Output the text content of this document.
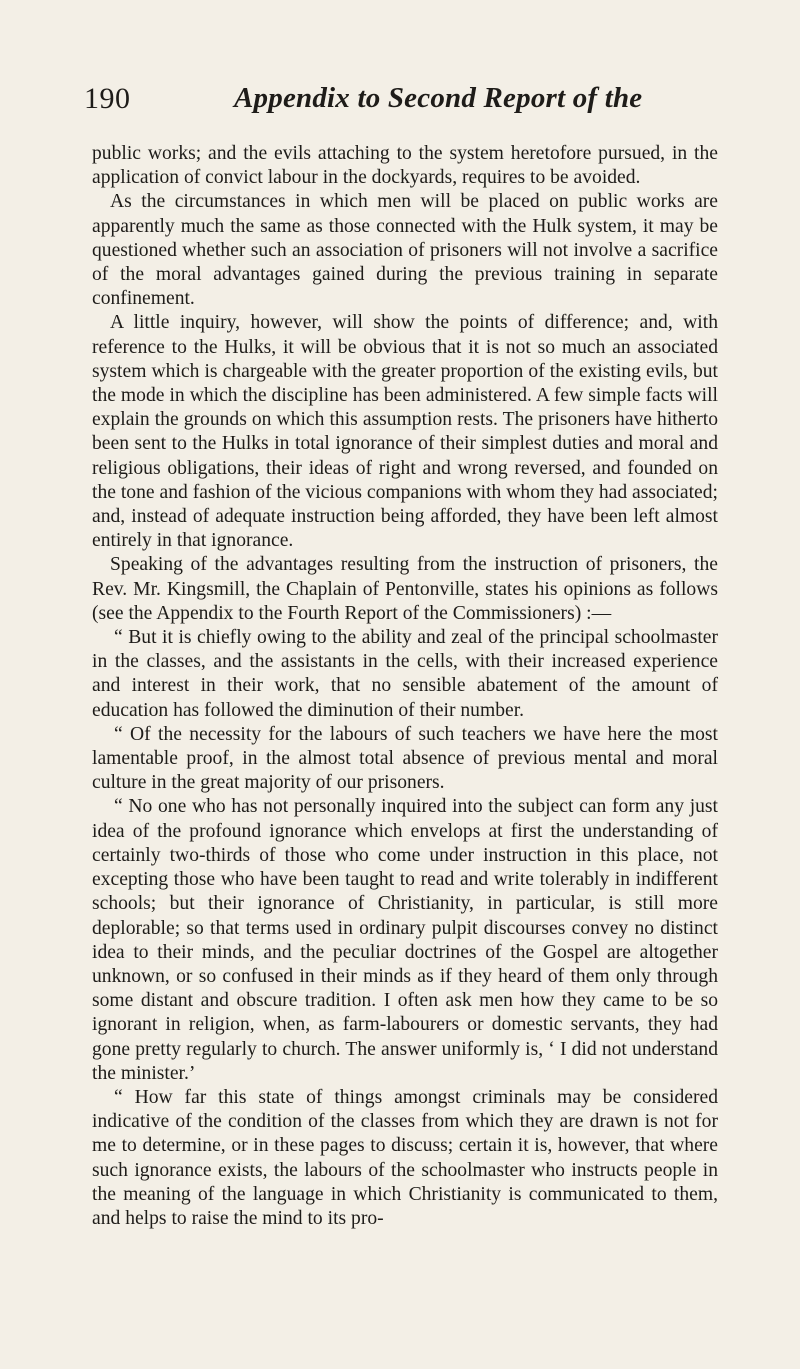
190	Appendix to Second Report of the

public works; and the evils attaching to the system heretofore pursued, in the application of convict labour in the dockyards, requires to be avoided.

As the circumstances in which men will be placed on public works are apparently much the same as those connected with the Hulk system, it may be questioned whether such an association of prisoners will not involve a sacrifice of the moral advantages gained during the previous training in separate confinement.

A little inquiry, however, will show the points of difference; and, with reference to the Hulks, it will be obvious that it is not so much an associated system which is chargeable with the greater proportion of the existing evils, but the mode in which the discipline has been administered. A few simple facts will explain the grounds on which this assumption rests. The prisoners have hitherto been sent to the Hulks in total ignorance of their simplest duties and moral and religious obligations, their ideas of right and wrong reversed, and founded on the tone and fashion of the vicious companions with whom they had associated; and, instead of adequate instruction being afforded, they have been left almost entirely in that ignorance.

Speaking of the advantages resulting from the instruction of prisoners, the Rev. Mr. Kingsmill, the Chaplain of Pentonville, states his opinions as follows (see the Appendix to the Fourth Report of the Commissioners) :—

“ But it is chiefly owing to the ability and zeal of the principal schoolmaster in the classes, and the assistants in the cells, with their increased experience and interest in their work, that no sensible abatement of the amount of education has followed the diminution of their number.

“ Of the necessity for the labours of such teachers we have here the most lamentable proof, in the almost total absence of previous mental and moral culture in the great majority of our prisoners.

“ No one who has not personally inquired into the subject can form any just idea of the profound ignorance which envelops at first the understanding of certainly two-thirds of those who come under instruction in this place, not excepting those who have been taught to read and write tolerably in indifferent schools; but their ignorance of Christianity, in particular, is still more deplorable; so that terms used in ordinary pulpit discourses convey no distinct idea to their minds, and the peculiar doctrines of the Gospel are altogether unknown, or so confused in their minds as if they heard of them only through some distant and obscure tradition. I often ask men how they came to be so ignorant in religion, when, as farm-labourers or domestic servants, they had gone pretty regularly to church. The answer uniformly is, ‘ I did not understand the minister.’

“ How far this state of things amongst criminals may be considered indicative of the condition of the classes from which they are drawn is not for me to determine, or in these pages to discuss; certain it is, however, that where such ignorance exists, the labours of the schoolmaster who instructs people in the meaning of the language in which Christianity is communicated to them, and helps to raise the mind to its pro-
